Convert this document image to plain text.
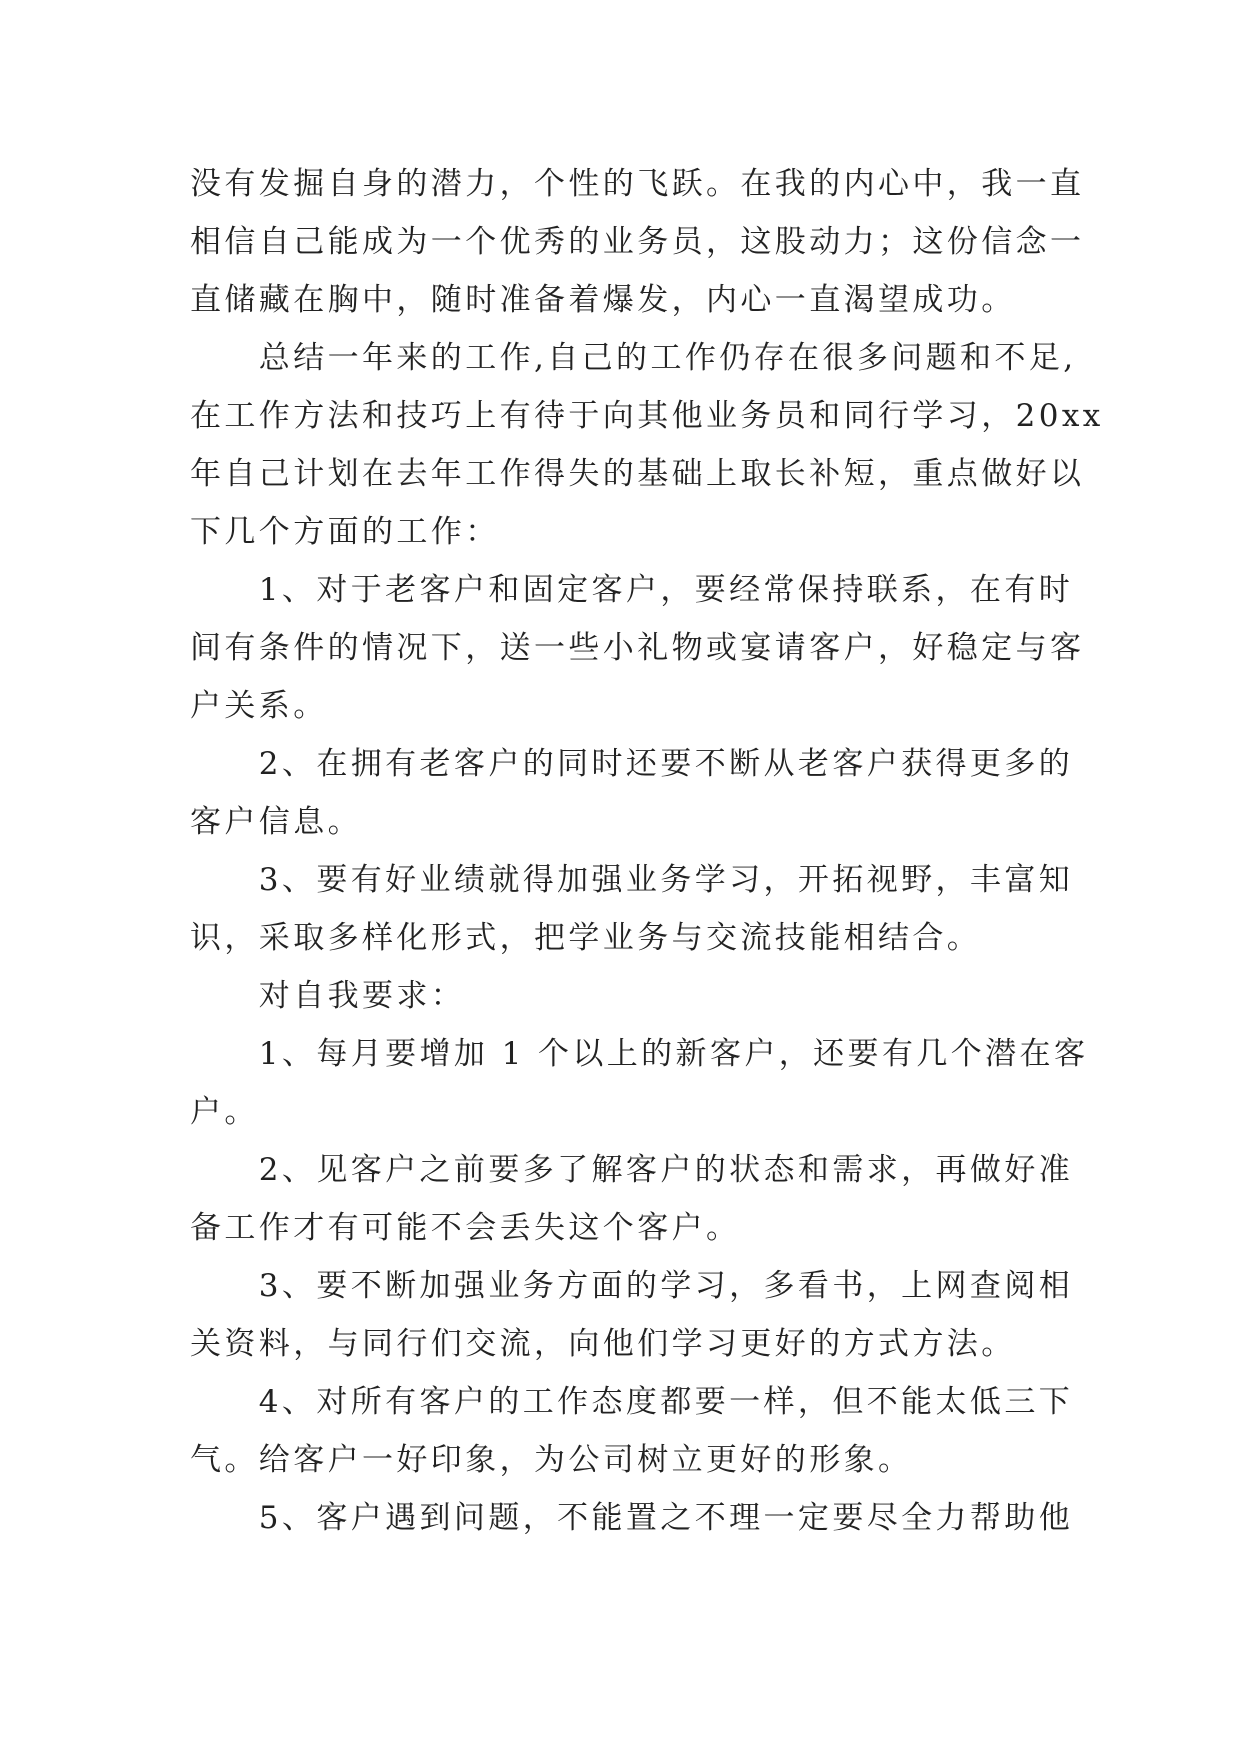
没有发掘自身的潜力，个性的飞跃。在我的内心中，我一直
相信自己能成为一个优秀的业务员，这股动力；这份信念一
直储藏在胸中，随时准备着爆发，内心一直渴望成功。
　　总结一年来的工作,自己的工作仍存在很多问题和不足,
在工作方法和技巧上有待于向其他业务员和同行学习，20xx
年自己计划在去年工作得失的基础上取长补短，重点做好以
下几个方面的工作：
　　1、对于老客户和固定客户，要经常保持联系，在有时
间有条件的情况下，送一些小礼物或宴请客户，好稳定与客
户关系。
　　2、在拥有老客户的同时还要不断从老客户获得更多的
客户信息。
　　3、要有好业绩就得加强业务学习，开拓视野，丰富知
识，采取多样化形式，把学业务与交流技能相结合。
　　对自我要求：
　　1、每月要增加 1 个以上的新客户，还要有几个潜在客
户。
　　2、见客户之前要多了解客户的状态和需求，再做好准
备工作才有可能不会丢失这个客户。
　　3、要不断加强业务方面的学习，多看书，上网查阅相
关资料，与同行们交流，向他们学习更好的方式方法。
　　4、对所有客户的工作态度都要一样，但不能太低三下
气。给客户一好印象，为公司树立更好的形象。
　　5、客户遇到问题，不能置之不理一定要尽全力帮助他
